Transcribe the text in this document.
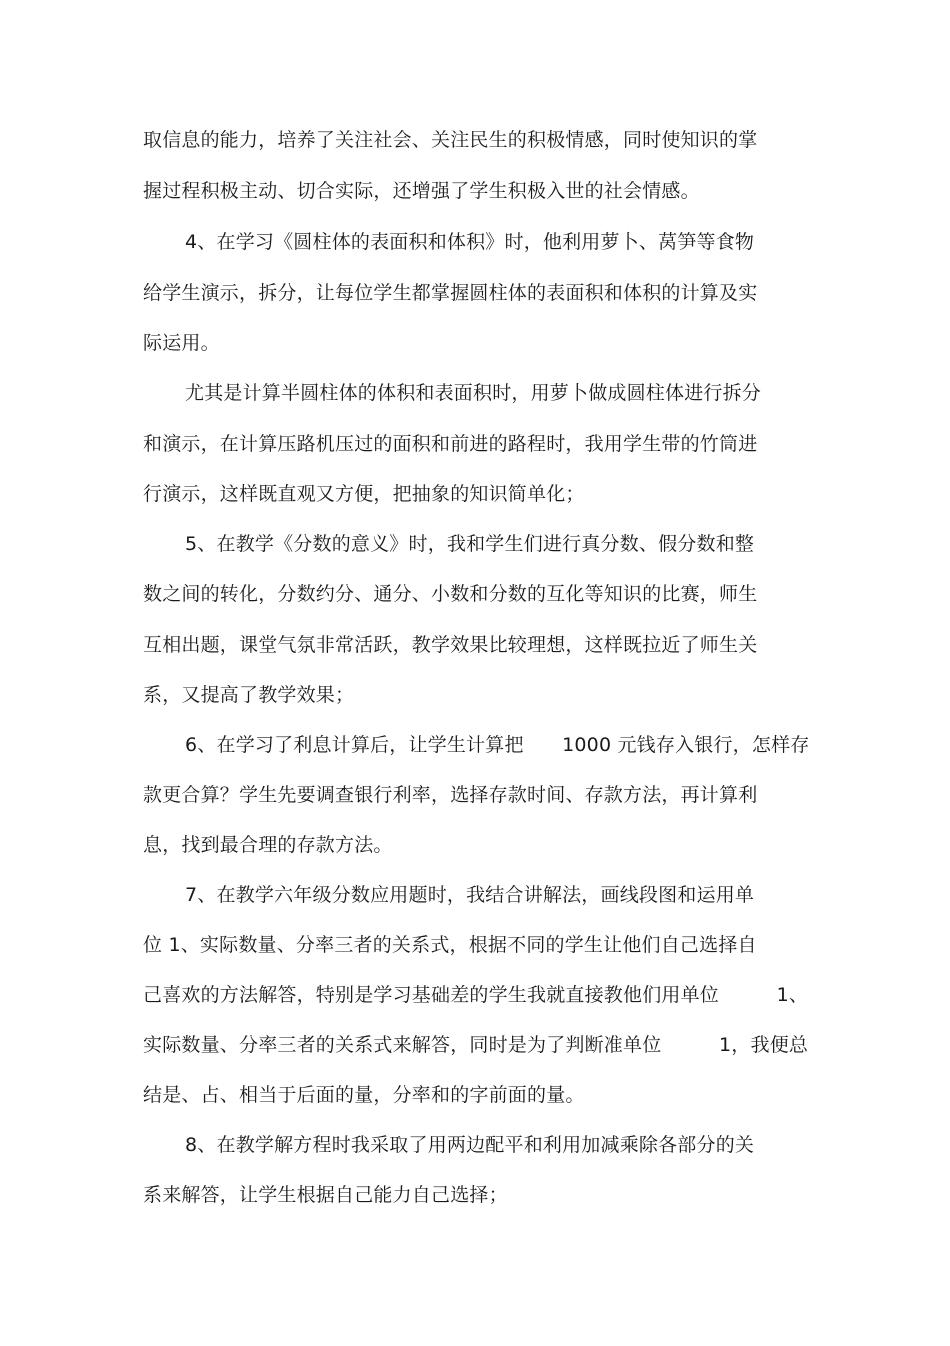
取信息的能力，培养了关注社会、关注民生的积极情感，同时使知识的掌
握过程积极主动、切合实际，还增强了学生积极入世的社会情感。
4、在学习《圆柱体的表面积和体积》时，他利用萝卜、莴笋等食物
给学生演示，拆分，让每位学生都掌握圆柱体的表面积和体积的计算及实
际运用。
尤其是计算半圆柱体的体积和表面积时，用萝卜做成圆柱体进行拆分
和演示，在计算压路机压过的面积和前进的路程时，我用学生带的竹筒进
行演示，这样既直观又方便，把抽象的知识简单化；
5、在教学《分数的意义》时，我和学生们进行真分数、假分数和整
数之间的转化，分数约分、通分、小数和分数的互化等知识的比赛，师生
互相出题，课堂气氛非常活跃，教学效果比较理想，这样既拉近了师生关
系，又提高了教学效果；
6、在学习了利息计算后，让学生计算把　　1000 元钱存入银行，怎样存
款更合算？学生先要调查银行利率，选择存款时间、存款方法，再计算利
息，找到最合理的存款方法。
7、在教学六年级分数应用题时，我结合讲解法，画线段图和运用单
位 1、实际数量、分率三者的关系式，根据不同的学生让他们自己选择自
己喜欢的方法解答，特别是学习基础差的学生我就直接教他们用单位　　　1、
实际数量、分率三者的关系式来解答，同时是为了判断准单位　　　1，我便总
结是、占、相当于后面的量，分率和的字前面的量。
8、在教学解方程时我采取了用两边配平和利用加减乘除各部分的关
系来解答，让学生根据自己能力自己选择；
